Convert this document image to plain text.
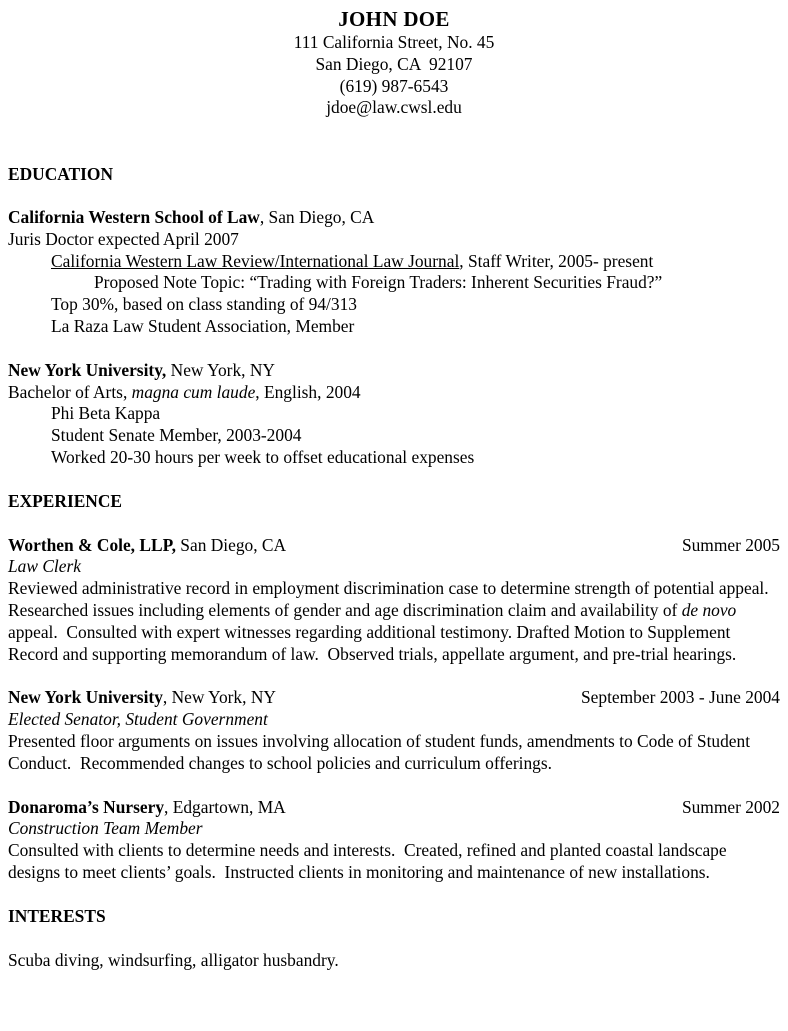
JOHN DOE
111 California Street, No. 45
San Diego, CA  92107
(619) 987-6543
jdoe@law.cwsl.edu
EDUCATION
California Western School of Law, San Diego, CA
Juris Doctor expected April 2007
California Western Law Review/International Law Journal, Staff Writer, 2005- present
Proposed Note Topic: “Trading with Foreign Traders: Inherent Securities Fraud?”
Top 30%, based on class standing of 94/313
La Raza Law Student Association, Member
New York University, New York, NY
Bachelor of Arts, magna cum laude, English, 2004
Phi Beta Kappa
Student Senate Member, 2003-2004
Worked 20-30 hours per week to offset educational expenses
EXPERIENCE
Worthen & Cole, LLP, San Diego, CA	Summer 2005
Law Clerk
Reviewed administrative record in employment discrimination case to determine strength of potential appeal.  Researched issues including elements of gender and age discrimination claim and availability of de novo appeal.  Consulted with expert witnesses regarding additional testimony. Drafted Motion to Supplement Record and supporting memorandum of law.  Observed trials, appellate argument, and pre-trial hearings.
New York University, New York, NY	September 2003 - June 2004
Elected Senator, Student Government
Presented floor arguments on issues involving allocation of student funds, amendments to Code of Student Conduct.  Recommended changes to school policies and curriculum offerings.
Donaroma’s Nursery, Edgartown, MA	Summer 2002
Construction Team Member
Consulted with clients to determine needs and interests.  Created, refined and planted coastal landscape designs to meet clients’ goals.  Instructed clients in monitoring and maintenance of new installations.
INTERESTS
Scuba diving, windsurfing, alligator husbandry.
